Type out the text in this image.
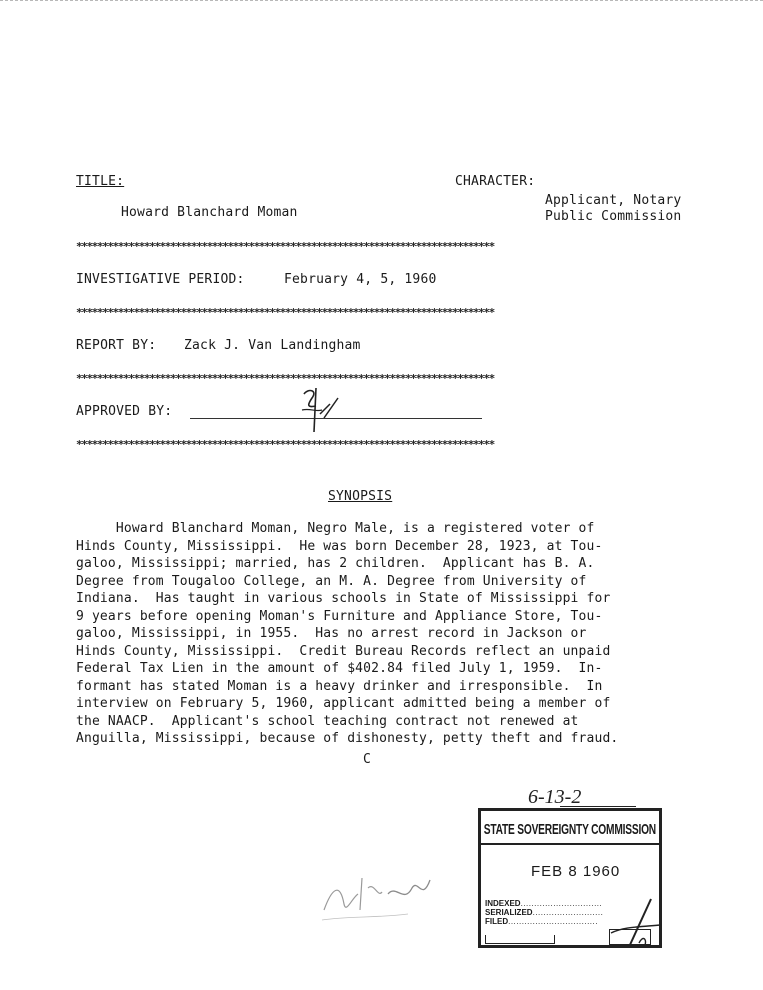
TITLE:
Howard Blanchard Moman
CHARACTER:
Applicant, Notary
Public Commission
********************************************************************************
INVESTIGATIVE PERIOD:	February 4, 5, 1960
********************************************************************************
REPORT BY: Zack J. Van Landingham
********************************************************************************
APPROVED BY:
********************************************************************************
SYNOPSIS
Howard Blanchard Moman, Negro Male, is a registered voter of
Hinds County, Mississippi.  He was born December 28, 1923, at Tou-
galoo, Mississippi; married, has 2 children.  Applicant has B. A.
Degree from Tougaloo College, an M. A. Degree from University of
Indiana.  Has taught in various schools in State of Mississippi for
9 years before opening Moman's Furniture and Appliance Store, Tou-
galoo, Mississippi, in 1955.  Has no arrest record in Jackson or
Hinds County, Mississippi.  Credit Bureau Records reflect an unpaid
Federal Tax Lien in the amount of $402.84 filed July 1, 1959.  In-
formant has stated Moman is a heavy drinker and irresponsible.  In
interview on February 5, 1960, applicant admitted being a member of
the NAACP.  Applicant's school teaching contract not renewed at
Anguilla, Mississippi, because of dishonesty, petty theft and fraud.
C
6-13-2
STATE SOVEREIGNTY COMMISSION
FEB 8 1960
INDEXED..............................
SERIALIZED..........................
FILED.................................
